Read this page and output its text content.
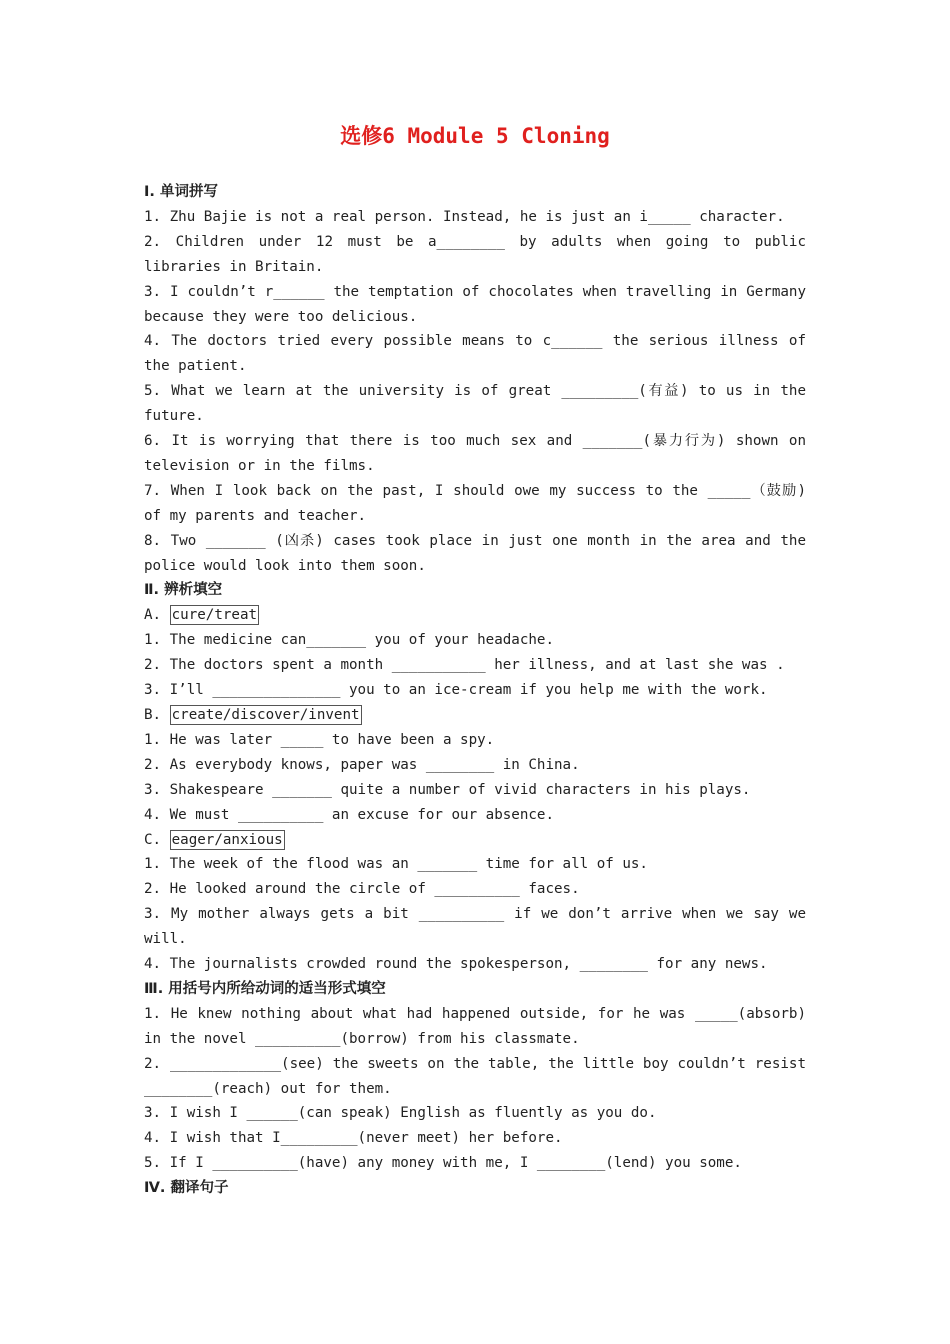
选修6 Module 5 Cloning
Ⅰ. 单词拼写
1. Zhu Bajie is not a real person. Instead, he is just an i_____ character.
2. Children under 12 must be a________ by adults when going to public libraries in Britain.
3. I couldn’t r______ the temptation of chocolates when travelling in Germany because they were too delicious.
4. The doctors tried every possible means to c______ the serious illness of the patient.
5. What we learn at the university is of great _________(有益) to us in the future.
6. It is worrying that there is too much sex and _______(暴力行为) shown on television or in the films.
7. When I look back on the past, I should owe my success to the _____（鼓励) of my parents and teacher.
8. Two _______ (凶杀) cases took place in just one month in the area and the police would look into them soon.
Ⅱ. 辨析填空
A. cure/treat
1. The medicine can_______ you of your headache.
2. The doctors spent a month ___________ her illness, and at last she was .
3. I’ll _______________ you to an ice-cream if you help me with the work.
B. create/discover/invent
1. He was later _____ to have been a spy.
2. As everybody knows, paper was ________ in China.
3. Shakespeare _______ quite a number of vivid characters in his plays.
4. We must __________ an excuse for our absence.
C. eager/anxious
1. The week of the flood was an _______ time for all of us.
2. He looked around the circle of __________ faces.
3. My mother always gets a bit __________ if we don’t arrive when we say we will.
4. The journalists crowded round the spokesperson, ________ for any news.
Ⅲ. 用括号内所给动词的适当形式填空
1. He knew nothing about what had happened outside, for he was _____(absorb) in the novel __________(borrow) from his classmate.
2. _____________(see) the sweets on the table, the little boy couldn’t resist ________(reach) out for them.
3. I wish I ______(can speak) English as fluently as you do.
4. I wish that I_________(never meet) her before.
5. If I __________(have) any money with me, I ________(lend) you some.
Ⅳ. 翻译句子
